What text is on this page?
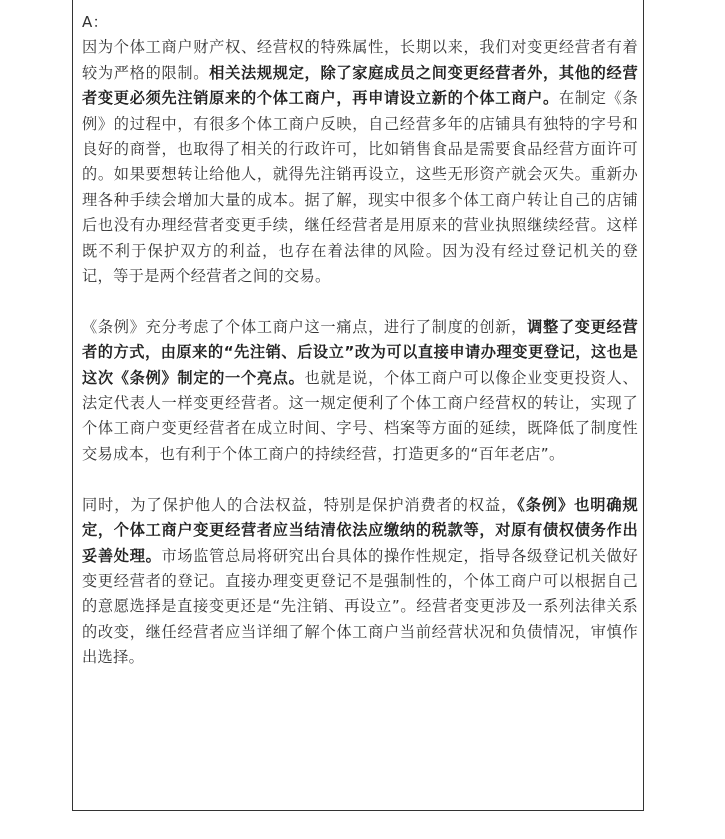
A：

因为个体工商户财产权、经营权的特殊属性，长期以来，我们对变更经营者有着较为严格的限制。相关法规规定，除了家庭成员之间变更经营者外，其他的经营者变更必须先注销原来的个体工商户，再申请设立新的个体工商户。在制定《条例》的过程中，有很多个体工商户反映，自己经营多年的店铺具有独特的字号和良好的商誉，也取得了相关的行政许可，比如销售食品是需要食品经营方面许可的。如果要想转让给他人，就得先注销再设立，这些无形资产就会灭失。重新办理各种手续会增加大量的成本。据了解，现实中很多个体工商户转让自己的店铺后也没有办理经营者变更手续，继任经营者是用原来的营业执照继续经营。这样既不利于保护双方的利益，也存在着法律的风险。因为没有经过登记机关的登记，等于是两个经营者之间的交易。

《条例》充分考虑了个体工商户这一痛点，进行了制度的创新，调整了变更经营者的方式，由原来的“先注销、后设立”改为可以直接申请办理变更登记，这也是这次《条例》制定的一个亮点。也就是说，个体工商户可以像企业变更投资人、法定代表人一样变更经营者。这一规定便利了个体工商户经营权的转让，实现了个体工商户变更经营者在成立时间、字号、档案等方面的延续，既降低了制度性交易成本，也有利于个体工商户的持续经营，打造更多的“百年老店”。

同时，为了保护他人的合法权益，特别是保护消费者的权益，《条例》也明确规定，个体工商户变更经营者应当结清依法应缴纳的税款等，对原有债权债务作出妥善处理。市场监管总局将研究出台具体的操作性规定，指导各级登记机关做好变更经营者的登记。直接办理变更登记不是强制性的，个体工商户可以根据自己的意愿选择是直接变更还是“先注销、再设立”。经营者变更涉及一系列法律关系的改变，继任经营者应当详细了解个体工商户当前经营状况和负债情况，审慎作出选择。
